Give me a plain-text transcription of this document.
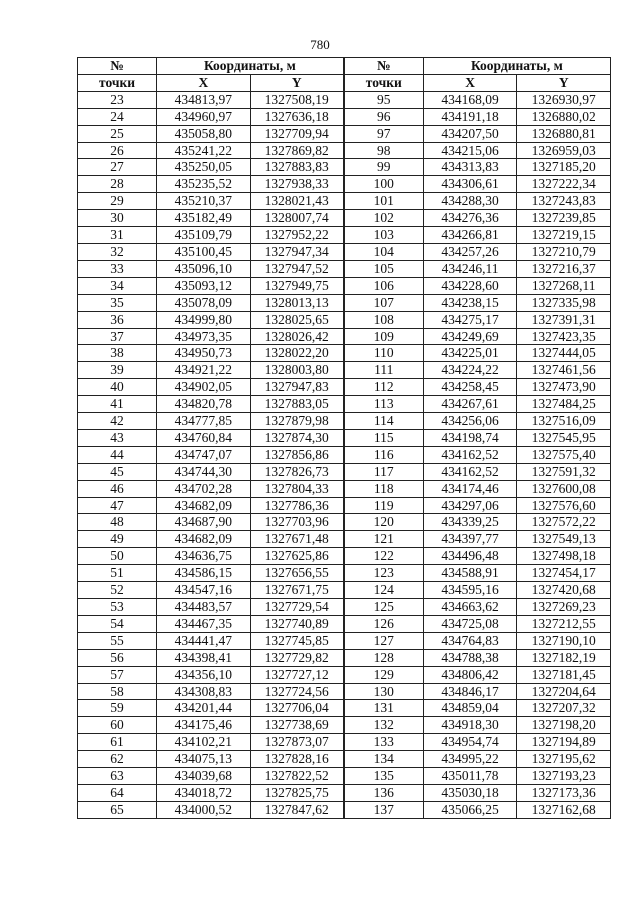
780
№	Координаты, м		№	Координаты, м	
точки	X	Y	точки	X	Y

23	434813,97	1327508,19	95	434168,09	1326930,97
24	434960,97	1327636,18	96	434191,18	1326880,02
25	435058,80	1327709,94	97	434207,50	1326880,81
26	435241,22	1327869,82	98	434215,06	1326959,03
27	435250,05	1327883,83	99	434313,83	1327185,20
28	435235,52	1327938,33	100	434306,61	1327222,34
29	435210,37	1328021,43	101	434288,30	1327243,83
30	435182,49	1328007,74	102	434276,36	1327239,85
31	435109,79	1327952,22	103	434266,81	1327219,15
32	435100,45	1327947,34	104	434257,26	1327210,79
33	435096,10	1327947,52	105	434246,11	1327216,37
34	435093,12	1327949,75	106	434228,60	1327268,11
35	435078,09	1328013,13	107	434238,15	1327335,98
36	434999,80	1328025,65	108	434275,17	1327391,31
37	434973,35	1328026,42	109	434249,69	1327423,35
38	434950,73	1328022,20	110	434225,01	1327444,05
39	434921,22	1328003,80	111	434224,22	1327461,56
40	434902,05	1327947,83	112	434258,45	1327473,90
41	434820,78	1327883,05	113	434267,61	1327484,25
42	434777,85	1327879,98	114	434256,06	1327516,09
43	434760,84	1327874,30	115	434198,74	1327545,95
44	434747,07	1327856,86	116	434162,52	1327575,40
45	434744,30	1327826,73	117	434162,52	1327591,32
46	434702,28	1327804,33	118	434174,46	1327600,08
47	434682,09	1327786,36	119	434297,06	1327576,60
48	434687,90	1327703,96	120	434339,25	1327572,22
49	434682,09	1327671,48	121	434397,77	1327549,13
50	434636,75	1327625,86	122	434496,48	1327498,18
51	434586,15	1327656,55	123	434588,91	1327454,17
52	434547,16	1327671,75	124	434595,16	1327420,68
53	434483,57	1327729,54	125	434663,62	1327269,23
54	434467,35	1327740,89	126	434725,08	1327212,55
55	434441,47	1327745,85	127	434764,83	1327190,10
56	434398,41	1327729,82	128	434788,38	1327182,19
57	434356,10	1327727,12	129	434806,42	1327181,45
58	434308,83	1327724,56	130	434846,17	1327204,64
59	434201,44	1327706,04	131	434859,04	1327207,32
60	434175,46	1327738,69	132	434918,30	1327198,20
61	434102,21	1327873,07	133	434954,74	1327194,89
62	434075,13	1327828,16	134	434995,22	1327195,62
63	434039,68	1327822,52	135	435011,78	1327193,23
64	434018,72	1327825,75	136	435030,18	1327173,36
65	434000,52	1327847,62	137	435066,25	1327162,68
